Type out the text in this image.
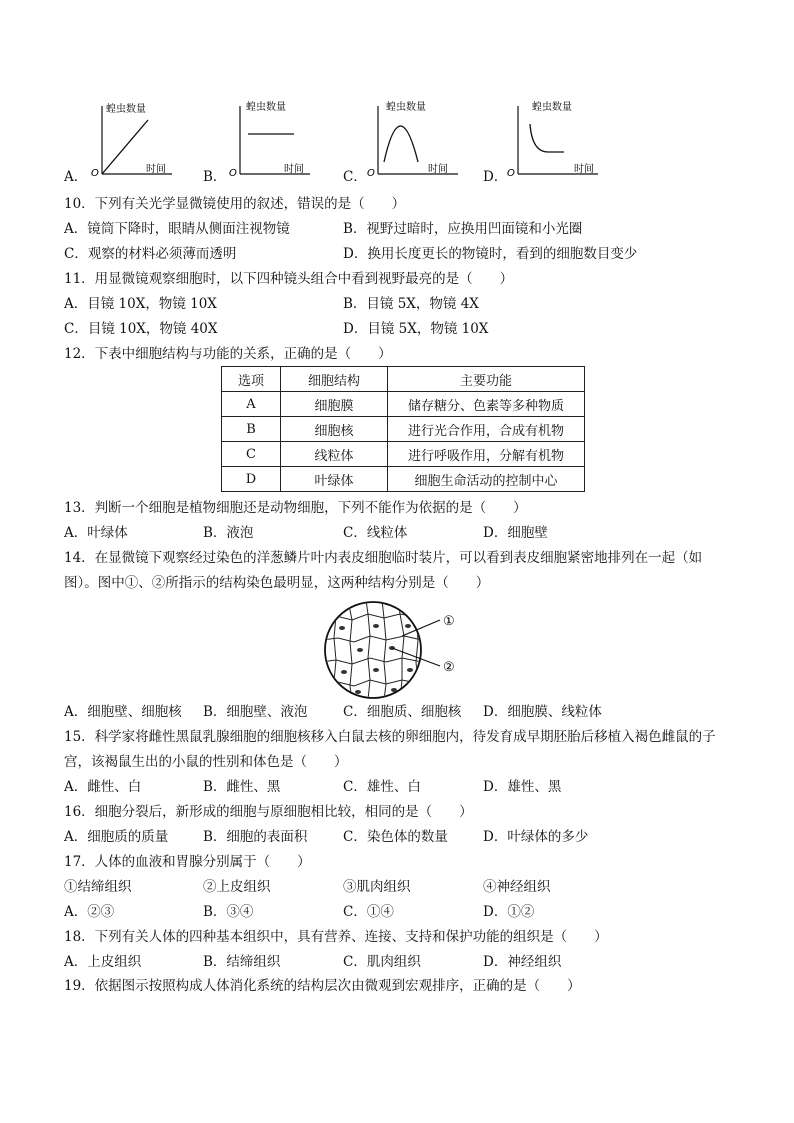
A．
蝗虫数量
时间
O	B．
蝗虫数量
时间
O	C．
蝗虫数量
时间
O	D．
蝗虫数量
时间
O
10．下列有关光学显微镜使用的叙述，错误的是（　　）
A．镜筒下降时，眼睛从侧面注视物镜	B．视野过暗时，应换用凹面镜和小光圈
C．观察的材料必须薄而透明	D．换用长度更长的物镜时，看到的细胞数目变少
11．用显微镜观察细胞时，以下四种镜头组合中看到视野最亮的是（　　）
A．目镜 10X，物镜 10X	B．目镜 5X，物镜 4X
C．目镜 10X，物镜 40X	D．目镜 5X，物镜 10X
12．下表中细胞结构与功能的关系，正确的是（　　）
选项	细胞结构	主要功能
A	细胞膜	储存糖分、色素等多种物质
B	细胞核	进行光合作用，合成有机物
C	线粒体	进行呼吸作用，分解有机物
D	叶绿体	细胞生命活动的控制中心
13．判断一个细胞是植物细胞还是动物细胞，下列不能作为依据的是（　　）
A．叶绿体	B．液泡	C．线粒体	D．细胞壁
14．在显微镜下观察经过染色的洋葱鳞片叶内表皮细胞临时装片，可以看到表皮细胞紧密地排列在一起（如
图）。图中①、②所指示的结构染色最明显，这两种结构分别是（　　）
①
②
A．细胞壁、细胞核 B．细胞壁、液泡	C．细胞质、细胞核 D．细胞膜、线粒体
15．科学家将雌性黑鼠乳腺细胞的细胞核移入白鼠去核的卵细胞内，待发育成早期胚胎后移植入褐色雌鼠的子
宫，该褐鼠生出的小鼠的性别和体色是（　　）
A．雌性、白	B．雌性、黑	C．雄性、白	D．雄性、黑
16．细胞分裂后，新形成的细胞与原细胞相比较，相同的是（　　）
A．细胞质的质量	B．细胞的表面积	C．染色体的数量	D．叶绿体的多少
17．人体的血液和胃腺分别属于（　　）
①结缔组织	②上皮组织	③肌肉组织	④神经组织
A．②③	B．③④	C．①④	D．①②
18．下列有关人体的四种基本组织中，具有营养、连接、支持和保护功能的组织是（　　）
A．上皮组织	B．结缔组织	C．肌肉组织	D．神经组织
19．依据图示按照构成人体消化系统的结构层次由微观到宏观排序，正确的是（　　）
